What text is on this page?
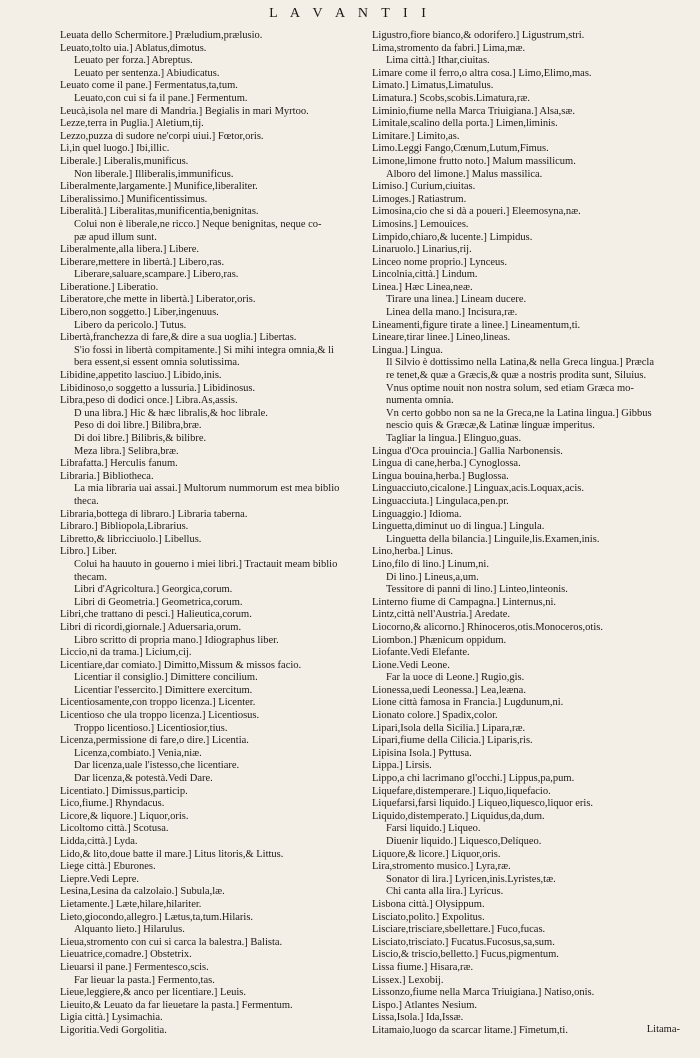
L A V A N T I I
Leuata dello Schermitore.] Præludium,prælusio.
Leuato,tolto uia.] Ablatus,dimotus.
Leuato per forza.] Abreptus.
Leuato per sentenza.] Abiudicatus.
Leuato come il pane.] Fermentatus,ta,tum.
Leuato,con cui si fa il pane.] Fermentum.
Leucà,isola nel mare di Mandria.] Begialis in mari Myrtoo.
Lezze,terra in Puglia.] Aletium,tij.
Lezzo,puzza di sudore ne'corpi uiui.] Fœtor,oris.
Lì,in quel luogo.] Ibi,illic.
Liberale.] Liberalis,munificus.
Non liberale.] Illiberalis,immunificus.
Liberalmente,largamente.] Munifice,liberaliter.
Liberalissimo.] Munificentissimus.
Liberalità.] Liberalitas,munificentia,benignitas.
Colui non è liberale,ne ricco.] Neque benignitas, neque co-
pæ apud illum sunt.
Liberalmente,alla libera.] Libere.
Liberare,mettere in libertà.] Libero,ras.
Liberare,saluare,scampare.] Libero,ras.
Liberatione.] Liberatio.
Liberatore,che mette in libertà.] Liberator,oris.
Libero,non soggetto.] Liber,ingenuus.
Libero da pericolo.] Tutus.
Libertà,franchezza di fare,& dire a sua uoglia.] Libertas.
S'io fossi in libertà compitamente.] Si mihi integra omnia,& li
bera essent,si essent omnia solutissima.
Libidine,appetito lasciuo.] Libido,inis.
Libidinoso,o soggetto a lussuria.] Libidinosus.
Libra,peso di dodici once.] Libra.As,assis.
D una libra.] Hic & hæc libralis,& hoc librale.
Peso di doi libre.] Bilibra,bræ.
Di doi libre.] Bilibris,& bilibre.
Meza libra.] Selibra,bræ.
Librafatta.] Herculis fanum.
Libraria.] Bibliotheca.
La mia libraria uai assai.] Multorum nummorum est mea biblio
theca.
Libraria,bottega di libraro.] Libraria taberna.
Libraro.] Bibliopola,Librarius.
Libretto,& libricciuolo.] Libellus.
Libro.] Liber.
Colui ha hauuto in gouerno i miei libri.] Tractauit meam biblio
thecam.
Libri d'Agricoltura.] Georgica,corum.
Libri di Geometria.] Geometrica,corum.
Libri,che trattano di pesci.] Halieutica,corum.
Libri di ricordi,giornale.] Aduersaria,orum.
Libro scritto di propria mano.] Idiographus liber.
Liccio,ni da trama.] Licium,cij.
Licentiare,dar comiato.] Dimitto,Missum & missos facio.
Licentiar il consiglio.] Dimittere concilium.
Licentiar l'essercito.] Dimittere exercitum.
Licentiosamente,con troppo licenza.] Licenter.
Licentioso che ula troppo licenza.] Licentiosus.
Troppo licentioso.] Licentiosior,tius.
Licenza,permissione di fare,o dire.] Licentia.
Licenza,combiato.] Venia,niæ.
Dar licenza,uale l'istesso,che licentiare.
Dar licenza,& potestà.Vedi Dare.
Licentiato.] Dimissus,particip.
Lico,fiume.] Rhyndacus.
Licore,& liquore.] Liquor,oris.
Licoltomo città.] Scotusa.
Lidda,città.] Lyda.
Lido,& lito,doue batte il mare.] Litus litoris,& Littus.
Liege città.] Eburones.
Liepre.Vedi Lepre.
Lesina,Lesina da calzolaio.] Subula,læ.
Lietamente.] Læte,hilare,hilariter.
Lieto,giocondo,allegro.] Lætus,ta,tum.Hilaris.
Alquanto lieto.] Hilarulus.
Lieua,stromento con cui si carca la balestra.] Balista.
Lieuatrice,comadre.] Obstetrix.
Lieuarsi il pane.] Fermentesco,scis.
Far lieuar la pasta.] Fermento,tas.
Lieue,leggiere,& anco per licentiare.] Leuis.
Lieuito,& Leuato da far lieuetare la pasta.] Fermentum.
Ligia città.] Lysimachia.
Ligoritia.Vedi Gorgolitia.
Ligustro,fiore bianco,& odorifero.] Ligustrum,stri.
Lima,stromento da fabri.] Lima,mæ.
Lima città.] Ithar,ciuitas.
Limare come il ferro,o altra cosa.] Limo,Elimo,mas.
Limato.] Limatus,Limatulus.
Limatura.] Scobs,scobis.Limatura,ræ.
Liminio,fiume nella Marca Triuigiana.] Alsa,sæ.
Limitale,scalino della porta.] Limen,liminis.
Limitare.] Limito,as.
Limo.Leggi Fango,Cœnum,Lutum,Fimus.
Limone,limone frutto noto.] Malum massilicum.
Alboro del limone.] Malus massilica.
Limiso.] Curium,ciuitas.
Limoges.] Ratiastrum.
Limosina,cio che si dà a poueri.] Eleemosyna,næ.
Limosins.] Lemouices.
Limpido,chiaro,& lucente.] Limpidus.
Linaruolo.] Linarius,rij.
Linceo nome proprio.] Lynceus.
Lincolnia,città.] Lindum.
Linea.] Hæc Linea,neæ.
Tirare una linea.] Lineam ducere.
Linea della mano.] Incisura,ræ.
Lineamenti,figure tirate a linee.] Lineamentum,ti.
Lineare,tirar linee.] Lineo,lineas.
Lingua.] Lingua.
Il Silvio è dottissimo nella Latina,& nella Greca lingua.] Præcla
re tenet,& quæ a Græcis,& quæ a nostris prodita sunt, Siluius.
Vnus optime nouit non nostra solum, sed etiam Græca mo-
numenta omnia.
Vn certo gobbo non sa ne la Greca,ne la Latina lingua.] Gibbus
nescio quis & Græcæ,& Latinæ linguæ imperitus.
Tagliar la lingua.] Elinguo,guas.
Lingua d'Oca prouincia.] Gallia Narbonensis.
Lingua di cane,herba.] Cynoglossa.
Lingua bouina,herba.] Buglossa.
Linguacciuto,cicalone.] Linguax,acis.Loquax,acis.
Linguacciuta.] Lingulaca,pen.pr.
Linguaggio.] Idioma.
Linguetta,diminut uo di lingua.] Lingula.
Linguetta della bilancia.] Linguile,lis.Examen,inis.
Lino,herba.] Linus.
Lino,filo di lino.] Linum,ni.
Di lino.] Lineus,a,um.
Tessitore di panni di lino.] Linteo,linteonis.
Linterno fiume di Campagna.] Linternus,ni.
Lintz,città nell'Austria.] Aredate.
Liocorno,& alicorno.] Rhinoceros,otis.Monoceros,otis.
Liombon.] Phænicum oppidum.
Liofante.Vedi Elefante.
Lione.Vedi Leone.
Far la uoce di Leone.] Rugio,gis.
Lionessa,uedi Leonessa.] Lea,leæna.
Lione città famosa in Francia.] Lugdunum,ni.
Lionato colore.] Spadix,color.
Lipari,Isola della Sicilia.] Lipara,ræ.
Lipari,fiume della Cilicia.] Liparis,ris.
Lipisina Isola.] Pyttusa.
Lippa.] Lirsis.
Lippo,a chi lacrimano gl'occhi.] Lippus,pa,pum.
Liquefare,distemperare.] Liquo,liquefacio.
Liquefarsi,farsi liquido.] Liqueo,liquesco,liquor eris.
Liquido,distemperato.] Liquidus,da,dum.
Farsi liquido.] Liqueo.
Diuenir liquido.] Liquesco,Delíqueo.
Liquore,& licore.] Liquor,oris.
Lira,stromento musico.] Lyra,ræ.
Sonator di lira.] Lyricen,inis.Lyristes,tæ.
Chi canta alla lira.] Lyricus.
Lisbona città.] Olysippum.
Lisciato,polito.] Expolitus.
Lisciare,trisciare,sbellettare.] Fuco,fucas.
Lisciato,trisciato.] Fucatus.Fucosus,sa,sum.
Liscio,& triscio,belletto.] Fucus,pigmentum.
Lissa fiume.] Hisara,ræ.
Lissex.] Lexobij.
Lissonzo,fiume nella Marca Triuigiana.] Natiso,onis.
Lispo.] Atlantes Nesium.
Lissa,Isola.] Ida,Issæ.
Litamaio,luogo da scarcar litame.] Fimetum,ti.	Litama-
